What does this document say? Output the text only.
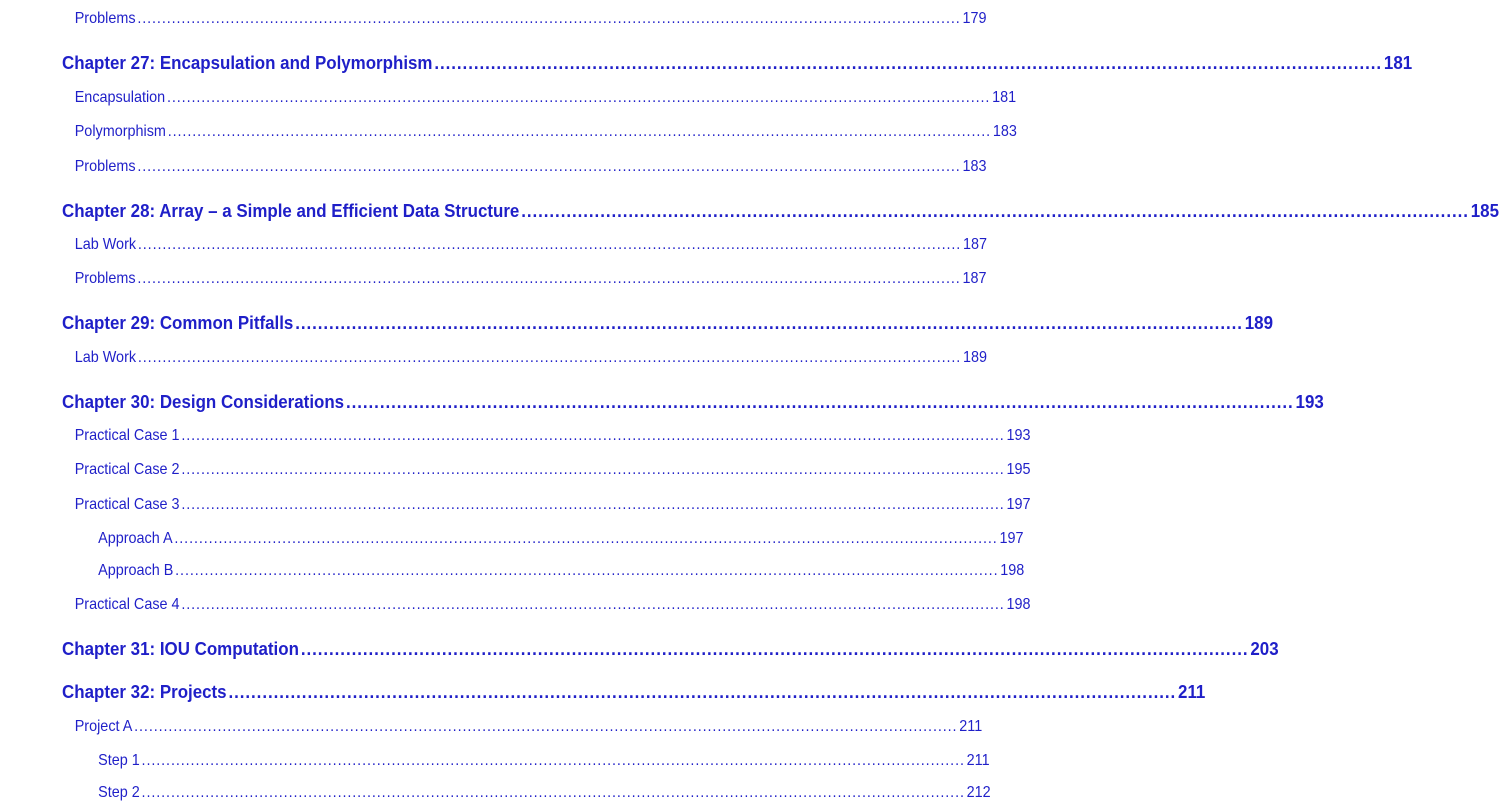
Problems ........................................................................................................................................................................ 179
Chapter 27: Encapsulation and Polymorphism ........................................................................................................................................................................ 181
Encapsulation ........................................................................................................................................................................ 181
Polymorphism ........................................................................................................................................................................ 183
Problems ........................................................................................................................................................................ 183
Chapter 28: Array – a Simple and Efficient Data Structure ........................................................................................................................................................................ 185
Lab Work ........................................................................................................................................................................ 187
Problems ........................................................................................................................................................................ 187
Chapter 29: Common Pitfalls ........................................................................................................................................................................ 189
Lab Work ........................................................................................................................................................................ 189
Chapter 30: Design Considerations ........................................................................................................................................................................ 193
Practical Case 1 ........................................................................................................................................................................ 193
Practical Case 2 ........................................................................................................................................................................ 195
Practical Case 3 ........................................................................................................................................................................ 197
Approach A ........................................................................................................................................................................ 197
Approach B ........................................................................................................................................................................ 198
Practical Case 4 ........................................................................................................................................................................ 198
Chapter 31: IOU Computation ........................................................................................................................................................................ 203
Chapter 32: Projects ........................................................................................................................................................................ 211
Project A ........................................................................................................................................................................ 211
Step 1 ........................................................................................................................................................................ 211
Step 2 ........................................................................................................................................................................ 212
